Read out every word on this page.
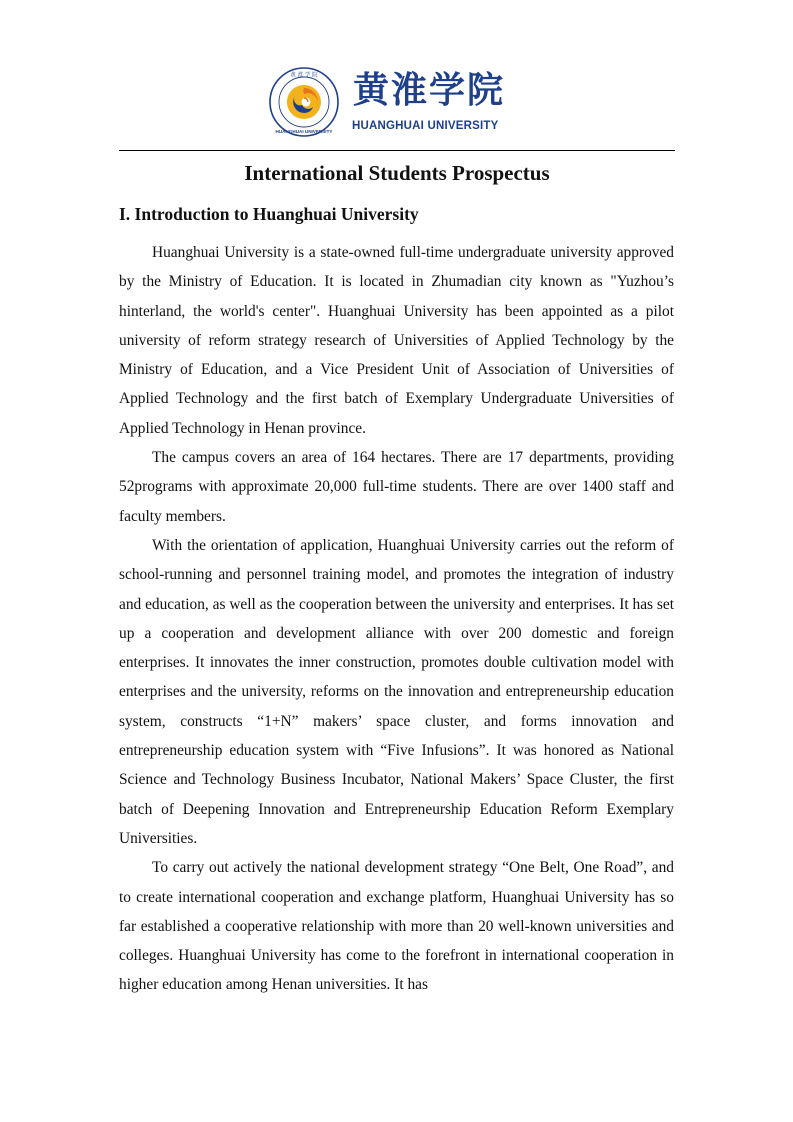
黄 淮 学 院
HUANGHUAI UNIVERSITY
黄淮学院
HUANGHUAI UNIVERSITY
International Students Prospectus
I. Introduction to Huanghuai University

Huanghuai University is a state-owned full-time undergraduate university approved by the Ministry of Education. It is located in Zhumadian city known as "Yuzhou’s hinterland, the world's center". Huanghuai University has been appointed as a pilot university of reform strategy research of Universities of Applied Technology by the Ministry of Education, and a Vice President Unit of Association of Universities of Applied Technology and the first batch of Exemplary Undergraduate Universities of Applied Technology in Henan province.

The campus covers an area of 164 hectares. There are 17 departments, providing 52programs with approximate 20,000 full-time students. There are over 1400 staff and faculty members.

With the orientation of application, Huanghuai University carries out the reform of school-running and personnel training model, and promotes the integration of industry and education, as well as the cooperation between the university and enterprises. It has set up a cooperation and development alliance with over 200 domestic and foreign enterprises. It innovates the inner construction, promotes double cultivation model with enterprises and the university, reforms on the innovation and entrepreneurship education system, constructs “1+N” makers’ space cluster, and forms innovation and entrepreneurship education system with “Five Infusions”. It was honored as National Science and Technology Business Incubator, National Makers’ Space Cluster, the first batch of Deepening Innovation and Entrepreneurship Education Reform Exemplary Universities.

To carry out actively the national development strategy “One Belt, One Road”, and to create international cooperation and exchange platform, Huanghuai University has so far established a cooperative relationship with more than 20 well-known universities and colleges. Huanghuai University has come to the forefront in international cooperation in higher education among Henan universities. It has
